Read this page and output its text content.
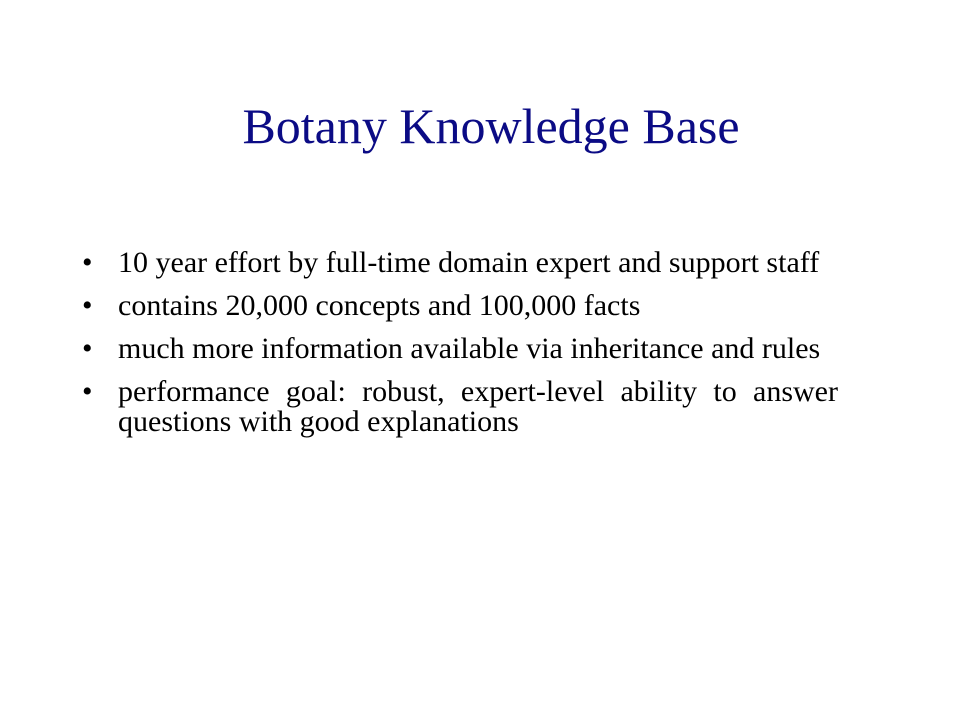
Botany Knowledge Base
• 10 year effort by full-time domain expert and support staff
• contains 20,000 concepts and 100,000 facts
• much more information available via inheritance and rules
• performance goal: robust, expert-level ability to answer questions with good explanations
